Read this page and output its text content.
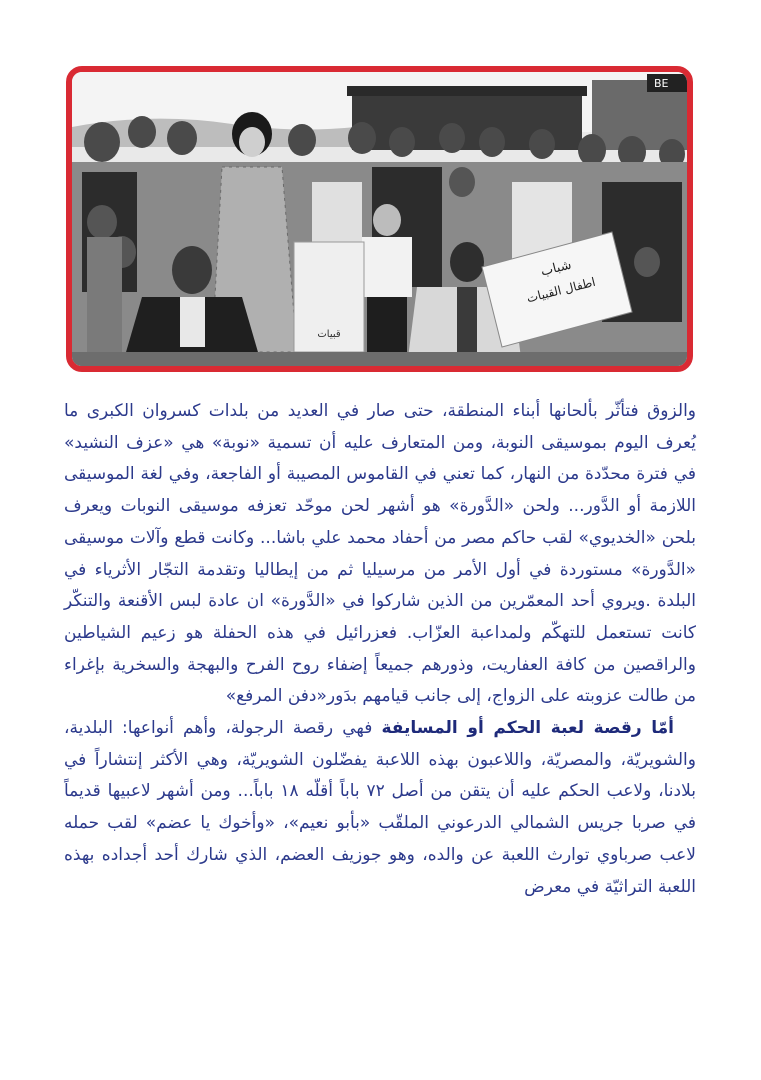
BE
قبيات
شباب
اطفال القبيات

والزوق فتأثّر بألحانها أبناء المنطقة، حتى صار في العديد من بلدات كسروان الكبرى ما يُعرف اليوم بموسيقى النوبة، ومن المتعارف عليه أن تسمية «نوبة» هي «عزف النشيد» في فترة محدّدة من النهار، كما تعني في القاموس المصيبة أو الفاجعة، وفي لغة الموسيقى اللازمة أو الدَّور... ولحن «الدَّورة» هو أشهر لحن موحّد تعزفه موسيقى النوبات ويعرف بلحن «الخديوي» لقب حاكم مصر من أحفاد محمد علي باشا... وكانت قطع وآلات موسيقى «الدَّورة» مستوردة في أول الأمر من مرسيليا ثم من إيطاليا وتقدمة التجّار الأثرياء في البلدة .ويروي أحد المعمّرين من الذين شاركوا في «الدَّورة» ان عادة لبس الأقنعة والتنكّر كانت تستعمل للتهكّم ولمداعبة العزّاب. فعزرائيل في هذه الحفلة هو زعيم الشياطين والراقصين من كافة العفاريت، وذورهم جميعاً إضفاء روح الفرح والبهجة والسخرية بإغراء من طالت عزوبته على الزواج، إلى جانب قيامهم بدَور«دفن المرفع»

أمّا رقصة لعبة الحكم أو المسايفة فهي رقصة الرجولة، وأهم أنواعها: البلدية، والشويريّة، والمصريّة، واللاعبون بهذه اللاعبة يفضّلون الشويريّة، وهي الأكثر إنتشاراً في بلادنا، ولاعب الحكم عليه أن يتقن من أصل ٧٢ باباً أقلّه ١٨ باباً... ومن أشهر لاعبيها قديماً في صربا جريس الشمالي الدرعوني الملقّب «بأبو نعيم»، «وأخوك يا عضم» لقب حمله لاعب صرباوي توارث اللعبة عن والده، وهو جوزيف العضم، الذي شارك أحد أجداده بهذه اللعبة التراثيّة في معرض
